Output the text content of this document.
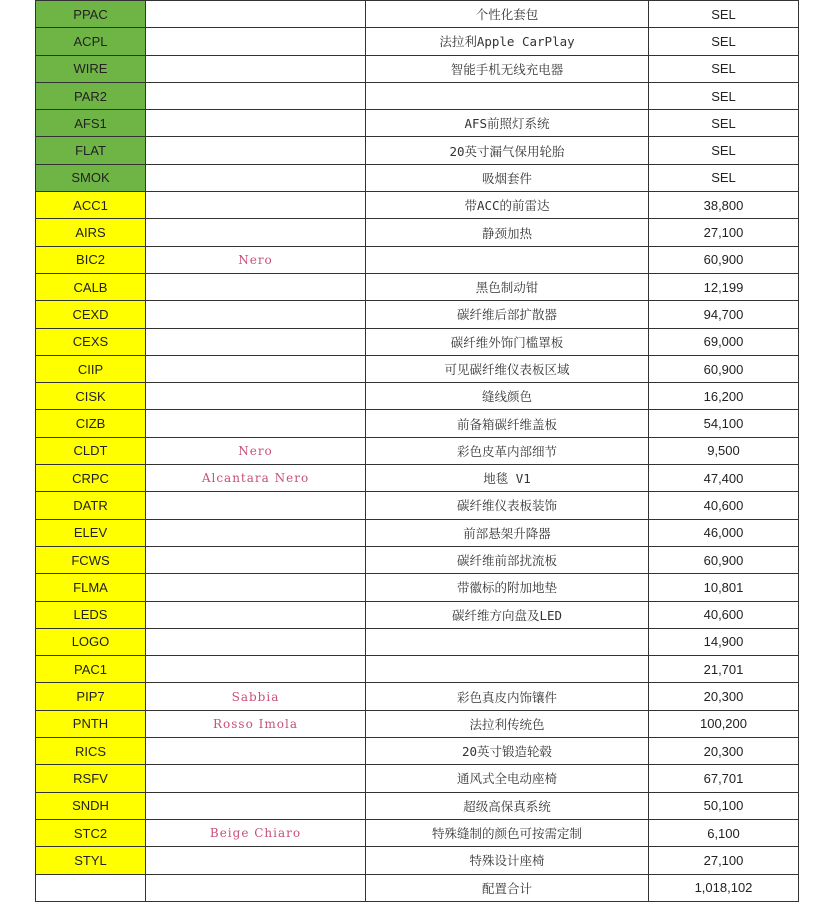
PPAC		个性化套包	SEL
ACPL		法拉利Apple CarPlay	SEL
WIRE		智能手机无线充电器	SEL
PAR2			SEL
AFS1		AFS前照灯系统	SEL
FLAT		20英寸漏气保用轮胎	SEL
SMOK		吸烟套件	SEL
ACC1		带ACC的前雷达	38,800
AIRS		静颈加热	27,100
BIC2	Nero		60,900
CALB		黑色制动钳	12,199
CEXD		碳纤维后部扩散器	94,700
CEXS		碳纤维外饰门槛罩板	69,000
CIIP		可见碳纤维仪表板区域	60,900
CISK		缝线颜色	16,200
CIZB		前备箱碳纤维盖板	54,100
CLDT	Nero	彩色皮革内部细节	9,500
CRPC	Alcantara Nero	地毯 V1	47,400
DATR		碳纤维仪表板装饰	40,600
ELEV		前部悬架升降器	46,000
FCWS		碳纤维前部扰流板	60,900
FLMA		带徽标的附加地垫	10,801
LEDS		碳纤维方向盘及LED	40,600
LOGO			14,900
PAC1			21,701
PIP7	Sabbia	彩色真皮内饰镶件	20,300
PNTH	Rosso Imola	法拉利传统色	100,200
RICS		20英寸锻造轮毂	20,300
RSFV		通风式全电动座椅	67,701
SNDH		超级高保真系统	50,100
STC2	Beige Chiaro	特殊缝制的颜色可按需定制	6,100
STYL		特殊设计座椅	27,100
		配置合计	1,018,102
